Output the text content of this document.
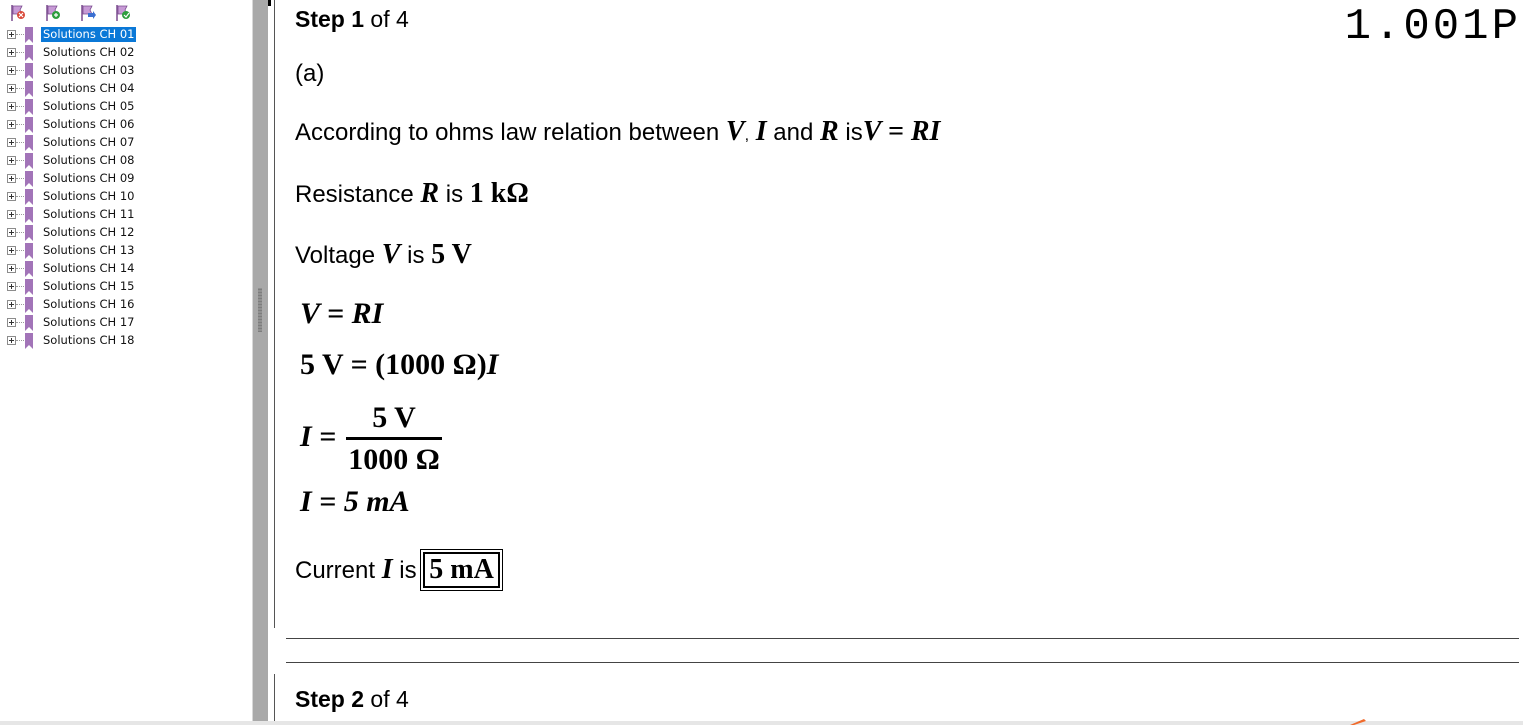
Solutions CH 01
Solutions CH 02
Solutions CH 03
Solutions CH 04
Solutions CH 05
Solutions CH 06
Solutions CH 07
Solutions CH 08
Solutions CH 09
Solutions CH 10
Solutions CH 11
Solutions CH 12
Solutions CH 13
Solutions CH 14
Solutions CH 15
Solutions CH 16
Solutions CH 17
Solutions CH 18
Step 1 of 4	1.001P
(a)
According to ohms law relation between V, I and R isV = RI
Resistance R is 1 kΩ
Voltage V is 5 V
V = RI
5 V = (1000 Ω)I
I =
5 V
1000 Ω
I = 5 mA
Current I is 5 mA
Step 2 of 4
